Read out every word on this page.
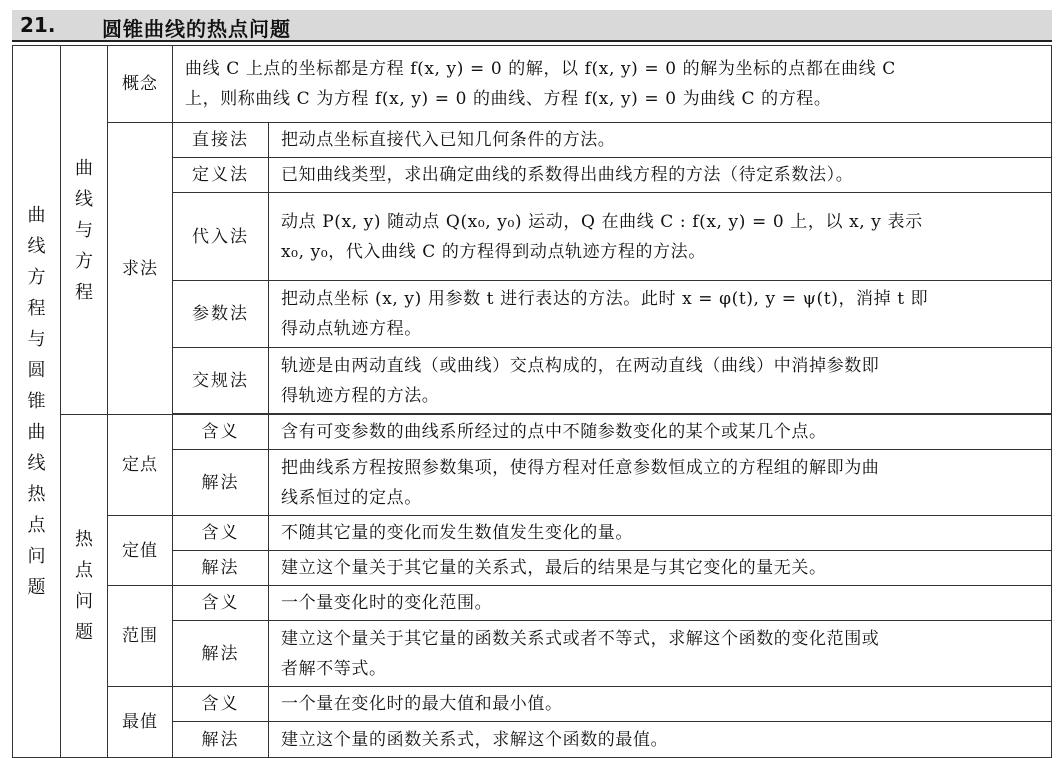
21. 圆锥曲线的热点问题
曲线方程与圆锥曲线热点问题	曲线与方程	概念	曲线 C 上点的坐标都是方程 f(x, y) = 0 的解，以 f(x, y) = 0 的解为坐标的点都在曲线 C
上，则称曲线 C 为方程 f(x, y) = 0 的曲线、方程 f(x, y) = 0 为曲线 C 的方程。	

		求法	直接法	把动点坐标直接代入已知几何条件的方法。
			定义法	已知曲线类型，求出确定曲线的系数得出曲线方程的方法（待定系数法）。
			代入法	动点 P(x, y) 随动点 Q(x₀, y₀) 运动，Q 在曲线 C : f(x, y) = 0 上，以 x, y 表示
x₀, y₀，代入曲线 C 的方程得到动点轨迹方程的方法。

			参数法	把动点坐标 (x, y) 用参数 t 进行表达的方法。此时 x = φ(t), y = ψ(t)，消掉 t 即
得动点轨迹方程。

			交规法	轨迹是由两动直线（或曲线）交点构成的，在两动直线（曲线）中消掉参数即
得轨迹方程的方法。

	热点问题	定点	含义	含有可变参数的曲线系所经过的点中不随参数变化的某个或某几个点。
			解法	把曲线系方程按照参数集项，使得方程对任意参数恒成立的方程组的解即为曲
线系恒过的定点。

		定值	含义	不随其它量的变化而发生数值发生变化的量。
			解法	建立这个量关于其它量的关系式，最后的结果是与其它变化的量无关。
		范围	含义	一个量变化时的变化范围。
			解法	建立这个量关于其它量的函数关系式或者不等式，求解这个函数的变化范围或
者解不等式。

		最值	含义	一个量在变化时的最大值和最小值。
			解法	建立这个量的函数关系式，求解这个函数的最值。
